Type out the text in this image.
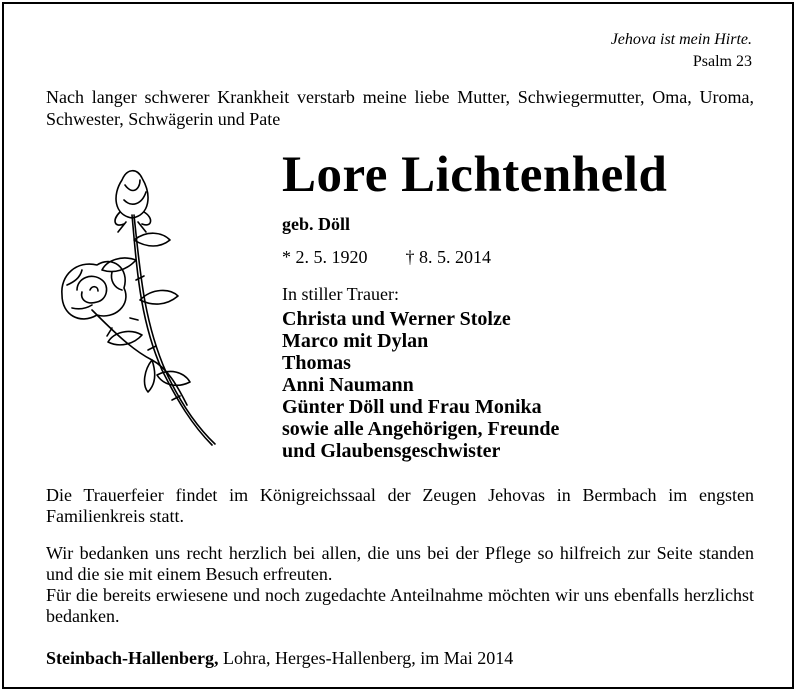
Jehova ist mein Hirte.
Psalm 23
Nach langer schwerer Krankheit verstarb meine liebe Mutter, Schwiegermutter, Oma, Uroma, Schwester, Schwägerin und Pate
Lore Lichtenheld
geb. Döll
* 2. 5. 1920 † 8. 5. 2014
In stiller Trauer:
Christa und Werner Stolze
Marco mit Dylan
Thomas
Anni Naumann
Günter Döll und Frau Monika
sowie alle Angehörigen, Freunde
und Glaubensgeschwister
Die Trauerfeier findet im Königreichssaal der Zeugen Jehovas in Bermbach im engsten Familienkreis statt.
Wir bedanken uns recht herzlich bei allen, die uns bei der Pflege so hilfreich zur Seite standen und die sie mit einem Besuch erfreuten.
Für die bereits erwiesene und noch zugedachte Anteilnahme möchten wir uns ebenfalls herzlichst bedanken.
Steinbach-Hallenberg, Lohra, Herges-Hallenberg, im Mai 2014
